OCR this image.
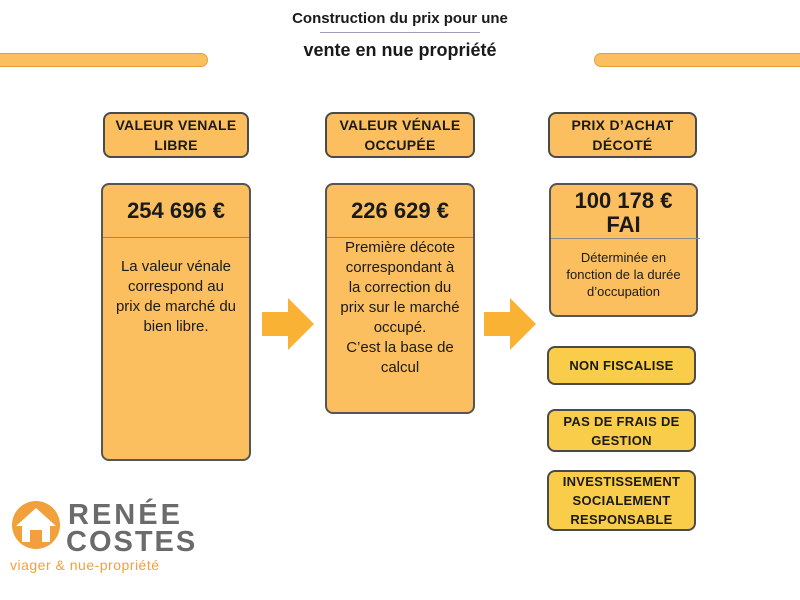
Construction du prix pour une
vente en nue propriété
VALEUR VENALE
LIBRE
254 696 €
La valeur vénale
correspond au
prix de marché du
bien libre.
VALEUR VÉNALE
OCCUPÉE
226 629 €
Première décote
correspondant à
la correction du
prix sur le marché
occupé.
C’est la base de
calcul
PRIX D’ACHAT
DÉCOTÉ
100 178 €
FAI
Déterminée en
fonction de la durée
d’occupation
NON FISCALISE
PAS DE FRAIS DE
GESTION
INVESTISSEMENT
SOCIALEMENT
RESPONSABLE
RENÉE
COSTES
viager & nue-propriété
